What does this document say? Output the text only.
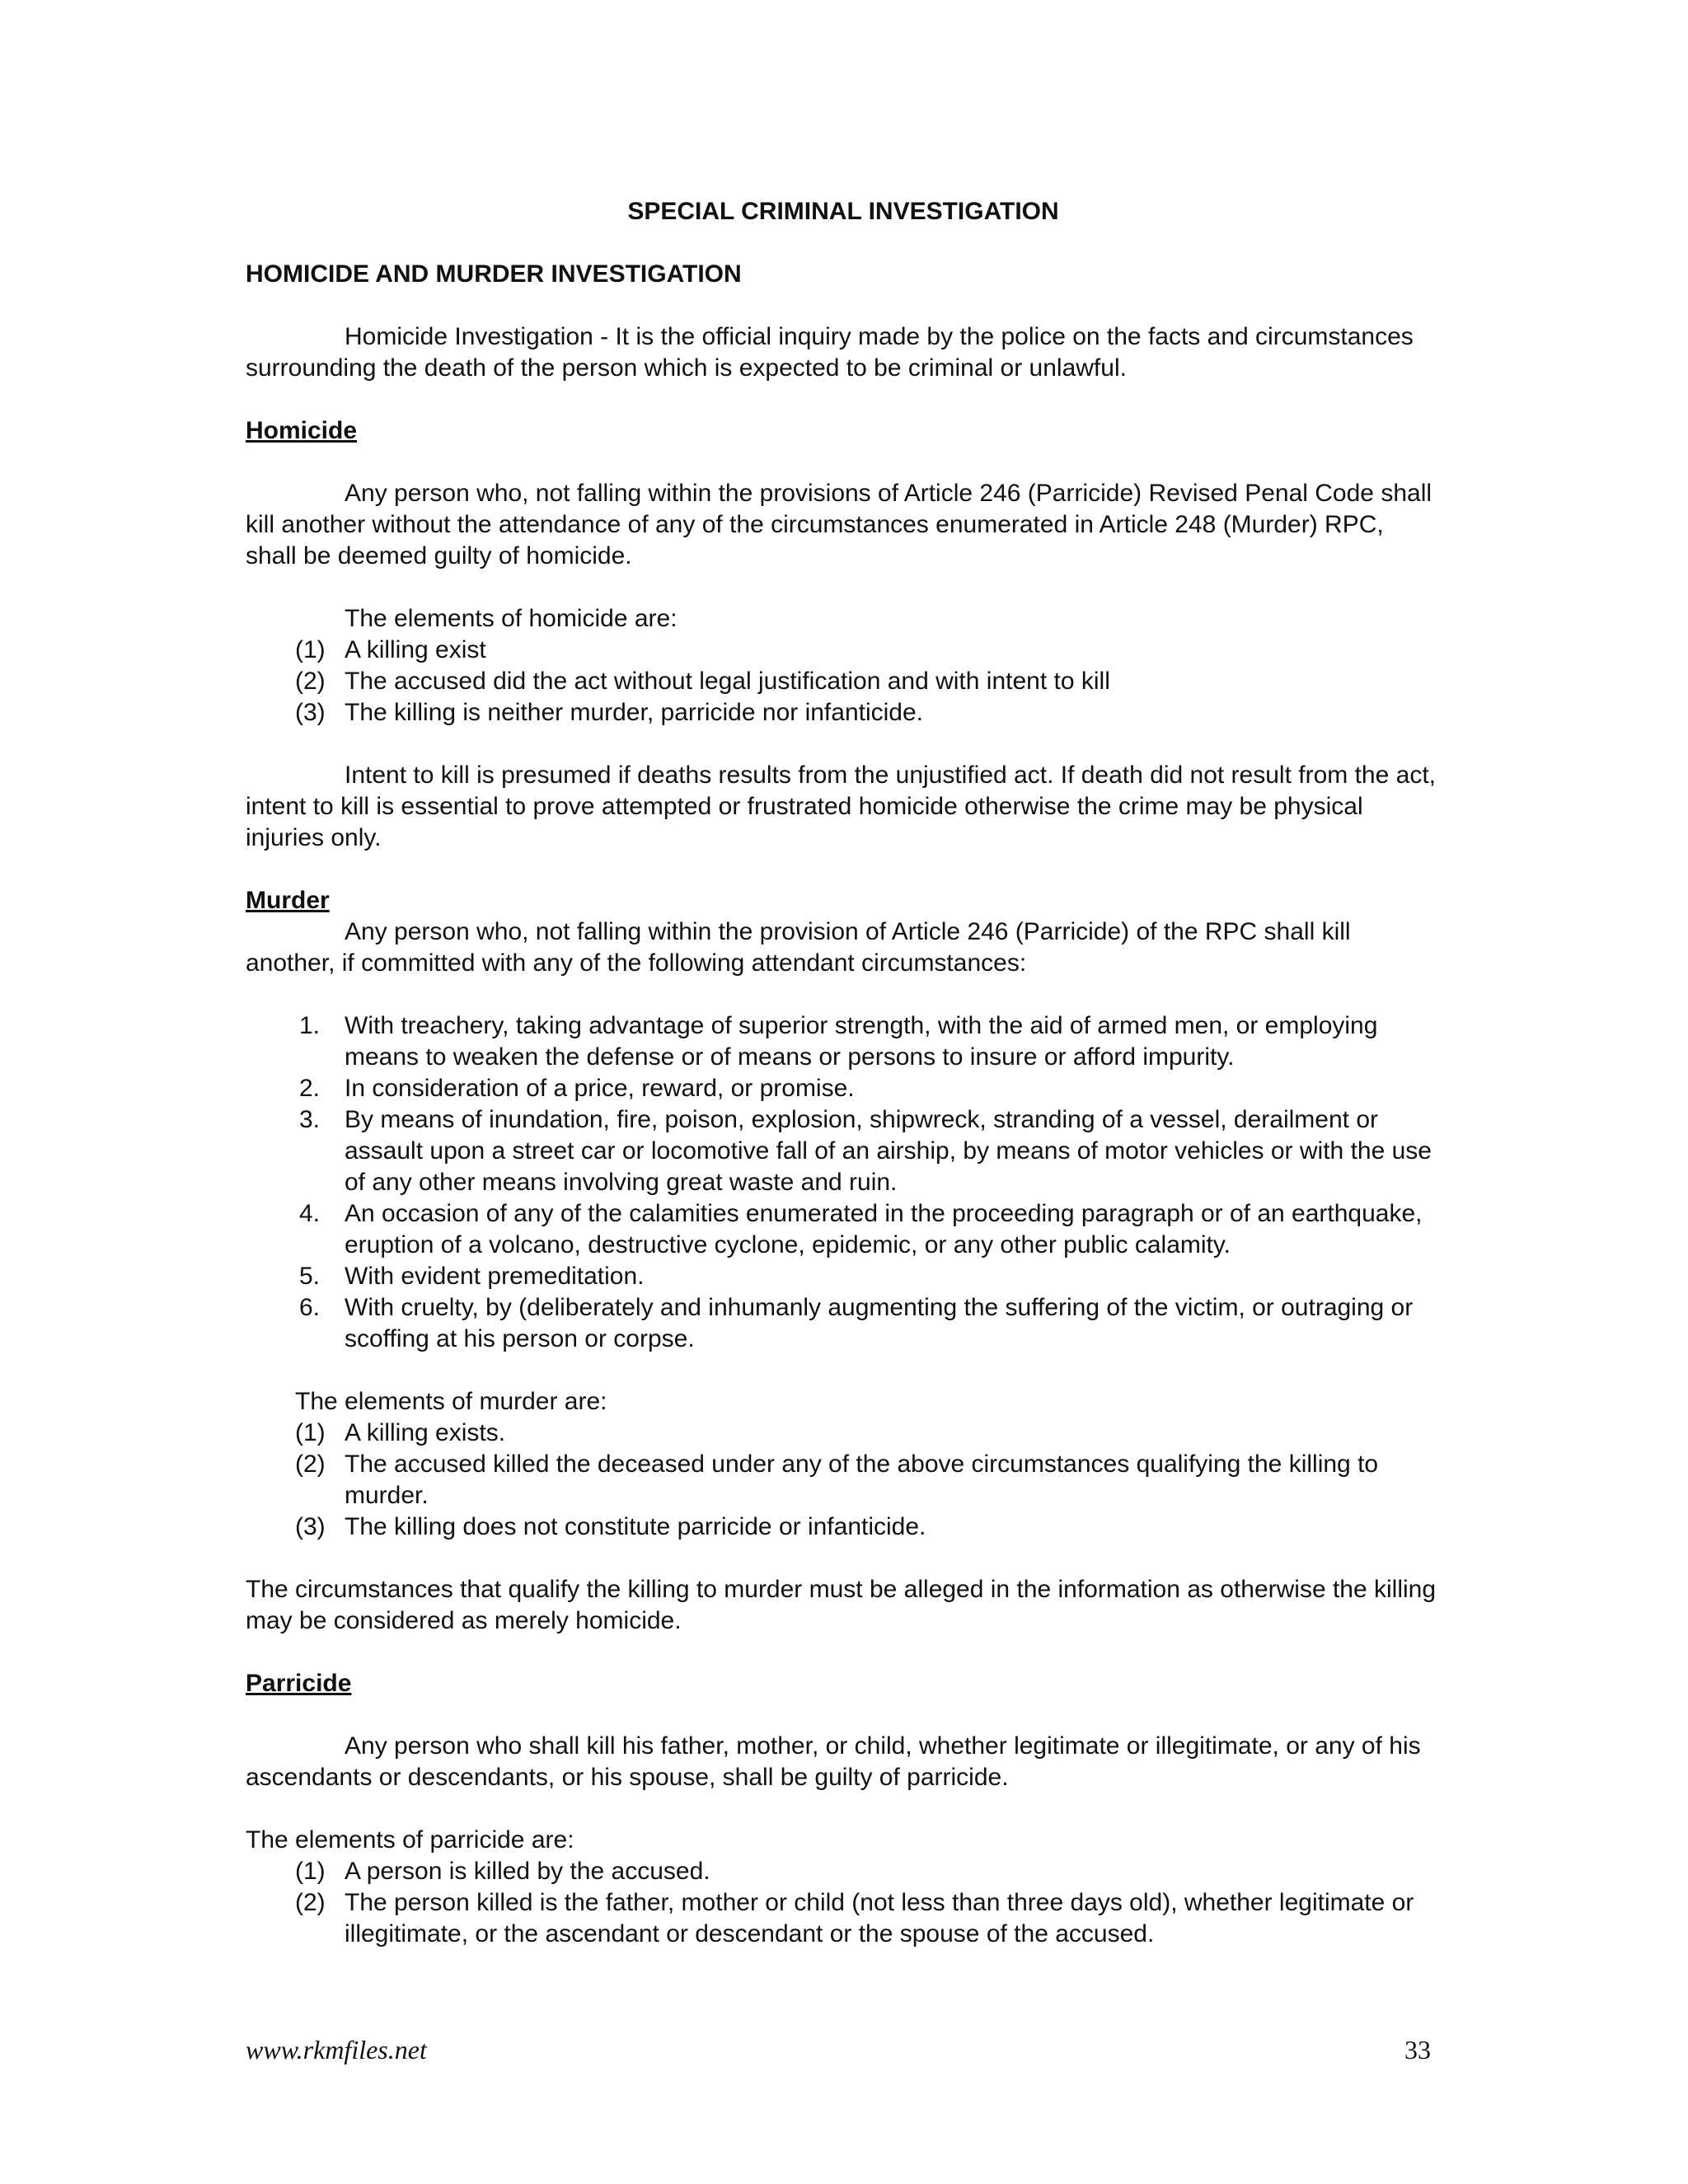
SPECIAL CRIMINAL INVESTIGATION

HOMICIDE AND MURDER INVESTIGATION

Homicide Investigation - It is the official inquiry made by the police on the facts and circumstances surrounding the death of the person which is expected to be criminal or unlawful.

Homicide

Any person who, not falling within the provisions of Article 246 (Parricide) Revised Penal Code shall kill another without the attendance of any of the circumstances enumerated in Article 248 (Murder) RPC, shall be deemed guilty of homicide.

The elements of homicide are:

(1) A killing exist
(2) The accused did the act without legal justification and with intent to kill
(3) The killing is neither murder, parricide nor infanticide.

Intent to kill is presumed if deaths results from the unjustified act. If death did not result from the act, intent to kill is essential to prove attempted or frustrated homicide otherwise the crime may be physical injuries only.

Murder

Any person who, not falling within the provision of Article 246 (Parricide) of the RPC shall kill another, if committed with any of the following attendant circumstances:

1. With treachery, taking advantage of superior strength, with the aid of armed men, or employing means to weaken the defense or of means or persons to insure or afford impurity.
2. In consideration of a price, reward, or promise.
3. By means of inundation, fire, poison, explosion, shipwreck, stranding of a vessel, derailment or assault upon a street car or locomotive fall of an airship, by means of motor vehicles or with the use of any other means involving great waste and ruin.
4. An occasion of any of the calamities enumerated in the proceeding paragraph or of an earthquake, eruption of a volcano, destructive cyclone, epidemic, or any other public calamity.
5. With evident premeditation.
6. With cruelty, by (deliberately and inhumanly augmenting the suffering of the victim, or outraging or scoffing at his person or corpse.

The elements of murder are:

(1) A killing exists.
(2) The accused killed the deceased under any of the above circumstances qualifying the killing to murder.
(3) The killing does not constitute parricide or infanticide.

The circumstances that qualify the killing to murder must be alleged in the information as otherwise the killing may be considered as merely homicide.

Parricide

Any person who shall kill his father, mother, or child, whether legitimate or illegitimate, or any of his ascendants or descendants, or his spouse, shall be guilty of parricide.

The elements of parricide are:

(1) A person is killed by the accused.
(2) The person killed is the father, mother or child (not less than three days old), whether legitimate or illegitimate, or the ascendant or descendant or the spouse of the accused.
www.rkmfiles.net	33
